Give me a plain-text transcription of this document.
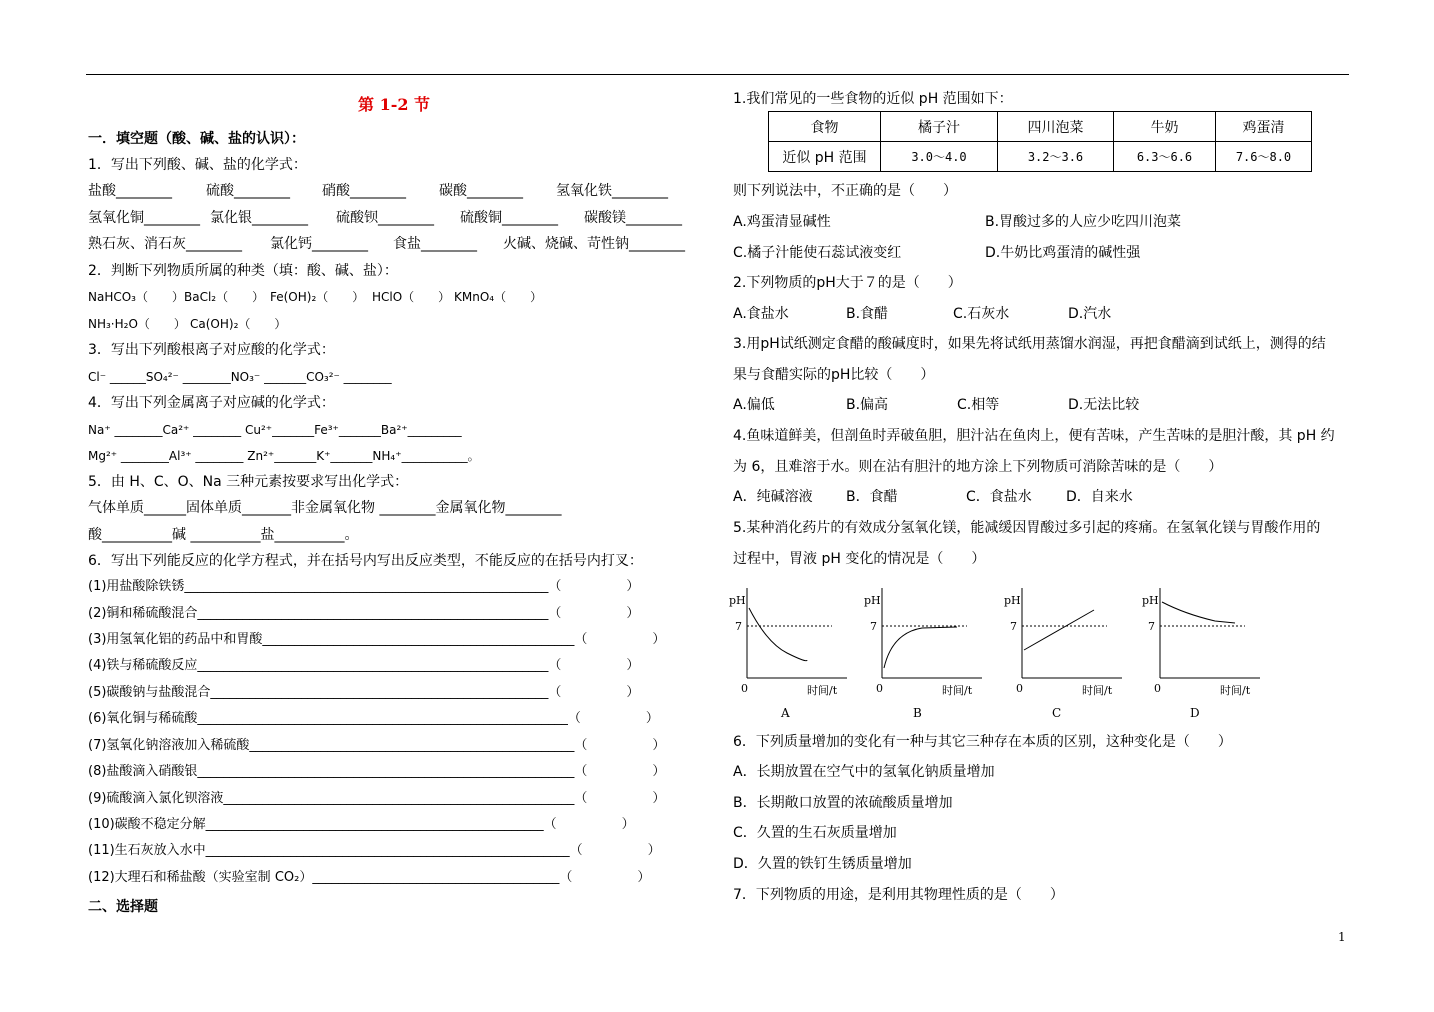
第 1-2 节
一．填空题（酸、碱、盐的认识）：
1．写出下列酸、碱、盐的化学式：
盐酸________ 硫酸________ 硝酸________ 碳酸________ 氢氧化铁________
氢氧化铜________ 氯化银________ 硫酸钡________ 硫酸铜________ 碳酸镁________
熟石灰、消石灰________ 氯化钙________ 食盐________ 火碱、烧碱、苛性钠________
2．判断下列物质所属的种类（填：酸、碱、盐）：
NaHCO₃（　　） BaCl₂（　　） Fe(OH)₂（　　） HClO（　　） KMnO₄（　　）
NH₃·H₂O（　　） Ca(OH)₂（　　）
3．写出下列酸根离子对应酸的化学式：
Cl⁻ ______SO₄²⁻ ________NO₃⁻ _______CO₃²⁻ ________
4．写出下列金属离子对应碱的化学式：
Na⁺ ________Ca²⁺ ________ Cu²⁺_______Fe³⁺_______Ba²⁺_________
Mg²⁺ ________Al³⁺ ________ Zn²⁺_______K⁺_______NH₄⁺___________。
5．由 H、C、O、Na 三种元素按要求写出化学式：
气体单质______固体单质_______非金属氧化物 ________金属氧化物________
酸__________碱 __________盐__________。
6．写出下列能反应的化学方程式，并在括号内写出反应类型，不能反应的在括号内打叉：
(1)用盐酸除铁锈________________________________________________________（　　　　　）
(2)铜和稀硫酸混合______________________________________________________（　　　　　）
(3)用氢氧化铝的药品中和胃酸________________________________________________（　　　　　）
(4)铁与稀硫酸反应______________________________________________________（　　　　　）
(5)碳酸钠与盐酸混合____________________________________________________（　　　　　）
(6)氧化铜与稀硫酸_________________________________________________________（　　　　　）
(7)氢氧化钠溶液加入稀硫酸__________________________________________________（　　　　　）
(8)盐酸滴入硝酸银__________________________________________________________（　　　　　）
(9)硫酸滴入氯化钡溶液______________________________________________________（　　　　　）
(10)碳酸不稳定分解____________________________________________________（　　　　　）
(11)生石灰放入水中________________________________________________________（　　　　　）
(12)大理石和稀盐酸（实验室制 CO₂）______________________________________（　　　　　）
二、选择题
1.我们常见的一些食物的近似 pH 范围如下：
食物	橘子汁	四川泡菜	牛奶	鸡蛋清
近似 pH 范围	3.0～4.0	3.2～3.6	6.3～6.6	7.6～8.0
则下列说法中，不正确的是（　　）
A.鸡蛋清显碱性	B.胃酸过多的人应少吃四川泡菜
C.橘子汁能使石蕊试液变红	D.牛奶比鸡蛋清的碱性强
2.下列物质的pH大于７的是（　　）
A.食盐水	B.食醋	C.石灰水	D.汽水
3.用pH试纸测定食醋的酸碱度时，如果先将试纸用蒸馏水润湿，再把食醋滴到试纸上，测得的结
果与食醋实际的pH比较（　　）
A.偏低	B.偏高	C.相等	D.无法比较
4.鱼味道鲜美，但剖鱼时弄破鱼胆，胆汁沾在鱼肉上，便有苦味，产生苦味的是胆汁酸，其 pH 约
为 6，且难溶于水。则在沾有胆汁的地方涂上下列物质可消除苦味的是（　　）
A．纯碱溶液 B．食醋	C．食盐水 D．自来水
5.某种消化药片的有效成分氢氧化镁，能减缓因胃酸过多引起的疼痛。在氢氧化镁与胃酸作用的
过程中，胃液 pH 变化的情况是（　　）
pH
7
0	时间/t
A
pH
7
0	时间/t
B
pH
7
0	时间/t
C
pH
7
0	时间/t
D
6．下列质量增加的变化有一种与其它三种存在本质的区别，这种变化是（　　）
A．长期放置在空气中的氢氧化钠质量增加
B．长期敞口放置的浓硫酸质量增加
C．久置的生石灰质量增加
D．久置的铁钉生锈质量增加
7．下列物质的用途，是利用其物理性质的是（　　）
1
